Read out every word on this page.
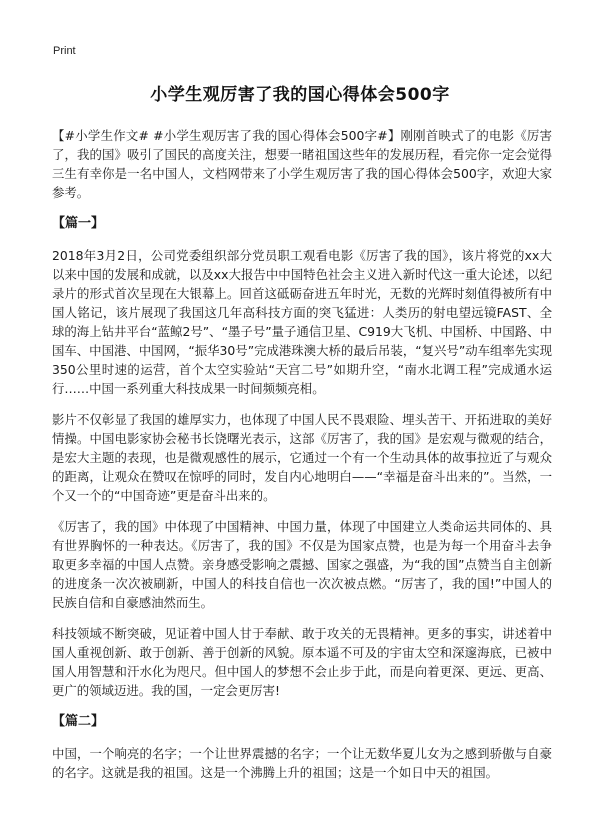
Print
小学生观厉害了我的国心得体会500字

【#小学生作文# #小学生观厉害了我的国心得体会500字#】刚刚首映式了的电影《厉害了，我的国》吸引了国民的高度关注，想要一睹祖国这些年的发展历程，看完你一定会觉得三生有幸你是一名中国人，文档网带来了小学生观厉害了我的国心得体会500字，欢迎大家参考。

【篇一】

2018年3月2日，公司党委组织部分党员职工观看电影《厉害了我的国》，该片将党的xx大以来中国的发展和成就，以及xx大报告中中国特色社会主义进入新时代这一重大论述，以纪录片的形式首次呈现在大银幕上。回首这砥砺奋进五年时光，无数的光辉时刻值得被所有中国人铭记，该片展现了我国这几年高科技方面的突飞猛进：人类历的射电望远镜FAST、全球的海上钻井平台“蓝鲸2号”、“墨子号”量子通信卫星、C919大飞机、中国桥、中国路、中国车、中国港、中国网，“振华30号”完成港珠澳大桥的最后吊装，“复兴号”动车组率先实现350公里时速的运营，首个太空实验站“天宫二号”如期升空，“南水北调工程”完成通水运行……中国一系列重大科技成果一时间频频亮相。

影片不仅彰显了我国的雄厚实力，也体现了中国人民不畏艰险、埋头苦干、开拓进取的美好情操。中国电影家协会秘书长饶曙光表示，这部《厉害了，我的国》是宏观与微观的结合，是宏大主题的表现，也是微观感性的展示，它通过一个有一个生动具体的故事拉近了与观众的距离，让观众在赞叹在惊呼的同时，发自内心地明白——“幸福是奋斗出来的”。当然，一个又一个的“中国奇迹”更是奋斗出来的。

《厉害了，我的国》中体现了中国精神、中国力量，体现了中国建立人类命运共同体的、具有世界胸怀的一种表达。《厉害了，我的国》不仅是为国家点赞，也是为每一个用奋斗去争取更多幸福的中国人点赞。亲身感受影响之震撼、国家之强盛，为“我的国”点赞当自主创新的进度条一次次被刷新，中国人的科技自信也一次次被点燃。“厉害了，我的国!”中国人的民族自信和自豪感油然而生。

科技领域不断突破，见证着中国人甘于奉献、敢于攻关的无畏精神。更多的事实，讲述着中国人重视创新、敢于创新、善于创新的风貌。原本遥不可及的宇宙太空和深邃海底，已被中国人用智慧和汗水化为咫尺。但中国人的梦想不会止步于此，而是向着更深、更远、更高、更广的领域迈进。我的国，一定会更厉害!

【篇二】

中国，一个响亮的名字；一个让世界震撼的名字；一个让无数华夏儿女为之感到骄傲与自豪的名字。这就是我的祖国。这是一个沸腾上升的祖国；这是一个如日中天的祖国。
